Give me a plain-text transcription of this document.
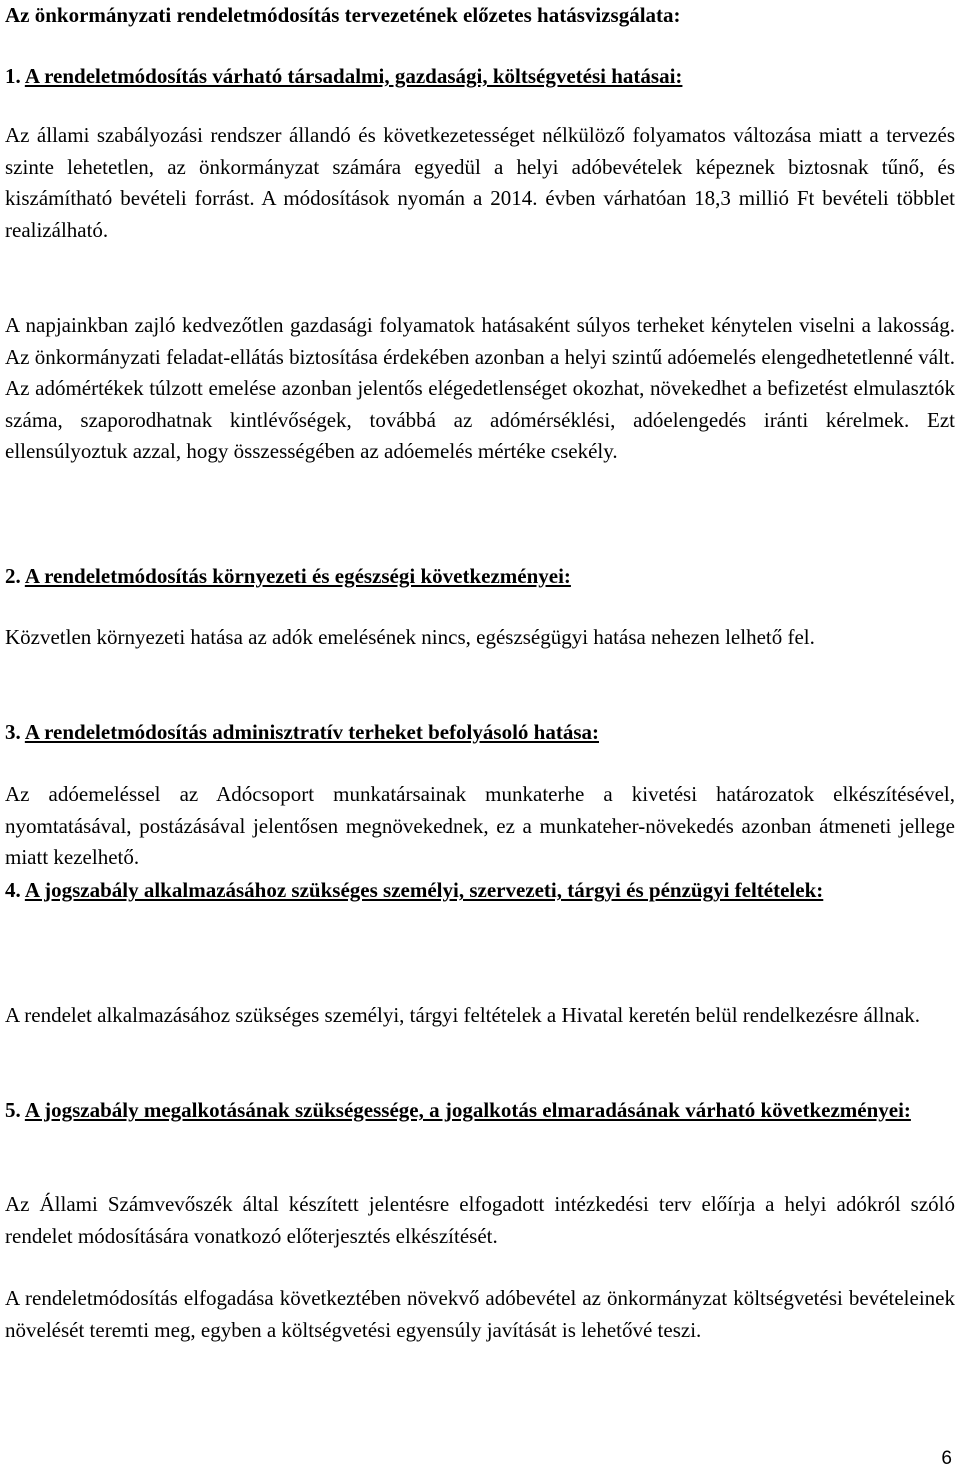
Az önkormányzati rendeletmódosítás tervezetének előzetes hatásvizsgálata:

1. A rendeletmódosítás várható társadalmi, gazdasági, költségvetési hatásai:

Az állami szabályozási rendszer állandó és következetességet nélkülöző folyamatos változása miatt a tervezés szinte lehetetlen, az önkormányzat számára egyedül a helyi adóbevételek képeznek biztosnak tűnő, és kiszámítható bevételi forrást. A módosítások nyomán a 2014. évben várhatóan 18,3 millió Ft bevételi többlet realizálható.

A napjainkban zajló kedvezőtlen gazdasági folyamatok hatásaként súlyos terheket kénytelen viselni a lakosság. Az önkormányzati feladat-ellátás biztosítása érdekében azonban a helyi szintű adóemelés elengedhetetlenné vált. Az adómértékek túlzott emelése azonban jelentős elégedetlenséget okozhat, növekedhet a befizetést elmulasztók száma, szaporodhatnak kintlévőségek, továbbá az adómérséklési, adóelengedés iránti kérelmek. Ezt ellensúlyoztuk azzal, hogy összességében az adóemelés mértéke csekély.

2. A rendeletmódosítás környezeti és egészségi következményei:

Közvetlen környezeti hatása az adók emelésének nincs, egészségügyi hatása nehezen lelhető fel.

3. A rendeletmódosítás adminisztratív terheket befolyásoló hatása:

Az adóemeléssel az Adócsoport munkatársainak munkaterhe a kivetési határozatok elkészítésével, nyomtatásával, postázásával jelentősen megnövekednek, ez a munkateher-növekedés azonban átmeneti jellege miatt kezelhető.

4. A jogszabály alkalmazásához szükséges személyi, szervezeti, tárgyi és pénzügyi feltételek:

A rendelet alkalmazásához szükséges személyi, tárgyi feltételek a Hivatal keretén belül rendelkezésre állnak.

5. A jogszabály megalkotásának szükségessége, a jogalkotás elmaradásának várható következményei:

Az Állami Számvevőszék által készített jelentésre elfogadott intézkedési terv előírja a helyi adókról szóló rendelet módosítására vonatkozó előterjesztés elkészítését.

A rendeletmódosítás elfogadása következtében növekvő adóbevétel az önkormányzat költségvetési bevételeinek növelését teremti meg, egyben a költségvetési egyensúly javítását is lehetővé teszi.

6
